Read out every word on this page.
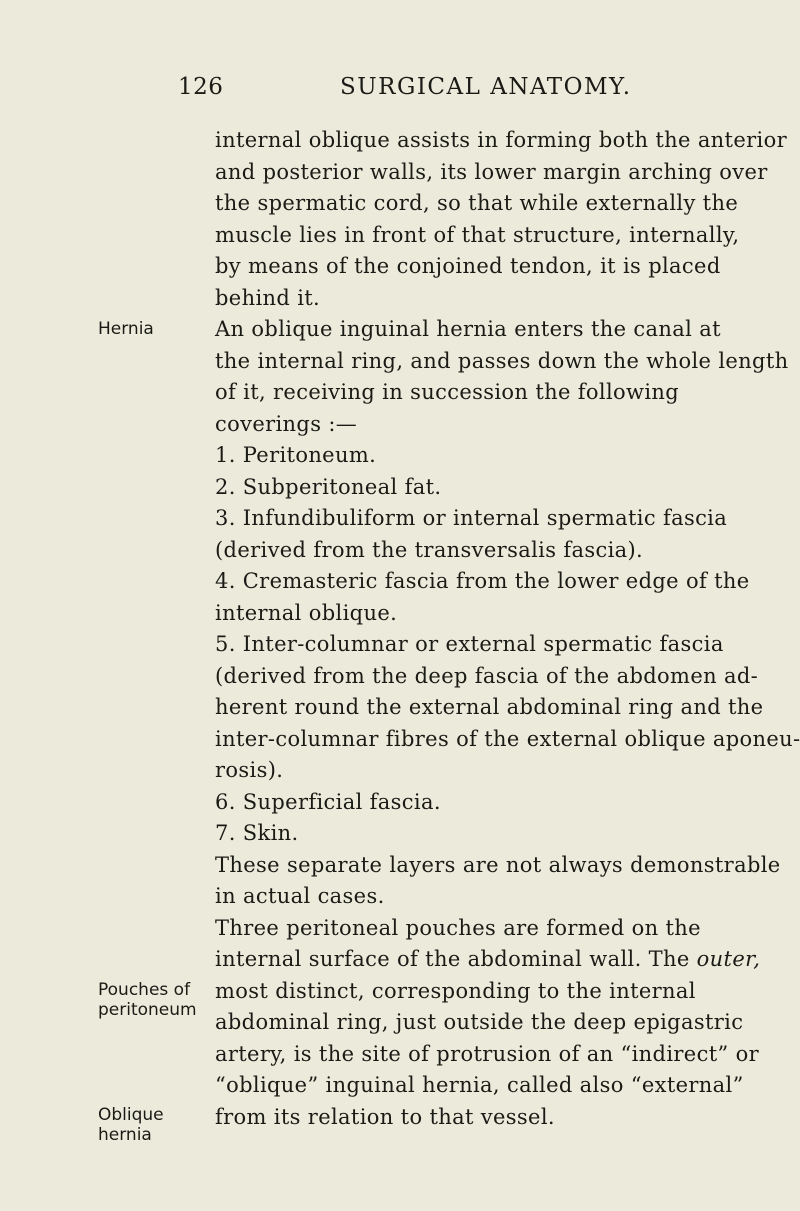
126	SURGICAL ANATOMY.
Hernia
Pouches of
peritoneum
Oblique
hernia
internal oblique assists in forming both the anterior
and posterior walls, its lower margin arching over
the spermatic cord, so that while externally the
muscle lies in front of that structure, internally,
by means of the conjoined tendon, it is placed
behind it.
An oblique inguinal hernia enters the canal at
the internal ring, and passes down the whole length
of it, receiving in succession the following
coverings :—
1. Peritoneum.
2. Subperitoneal fat.
3. Infundibuliform or internal spermatic fascia
(derived from the transversalis fascia).
4. Cremasteric fascia from the lower edge of the
internal oblique.
5. Inter-columnar or external spermatic fascia
(derived from the deep fascia of the abdomen ad-
herent round the external abdominal ring and the
inter-columnar fibres of the external oblique aponeu-
rosis).
6. Superficial fascia.
7. Skin.
These separate layers are not always demonstrable
in actual cases.
Three peritoneal pouches are formed on the
internal surface of the abdominal wall. The outer,
most distinct, corresponding to the internal
abdominal ring, just outside the deep epigastric
artery, is the site of protrusion of an “indirect” or
“oblique” inguinal hernia, called also “external”
from its relation to that vessel.
